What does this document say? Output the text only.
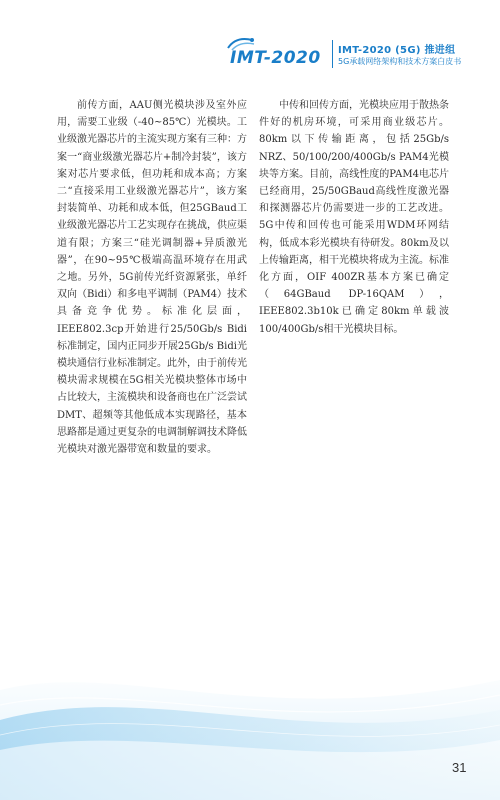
IMT-2020 IMT-2020 (5G) 推进组
5G承载网络架构和技术方案白皮书

前传方面，AAU侧光模块涉及室外应用，需要工业级（-40~85℃）光模块。工业级激光器芯片的主流实现方案有三种：方案一“商业级激光器芯片+制冷封装”，该方案对芯片要求低，但功耗和成本高；方案二“直接采用工业级激光器芯片”，该方案封装简单、功耗和成本低，但25GBaud工业级激光器芯片工艺实现存在挑战，供应渠道有限；方案三“硅光调制器+异质激光器”，在90~95℃极端高温环境存在用武之地。另外，5G前传光纤资源紧张，单纤双向（Bidi）和多电平调制（PAM4）技术具备竞争优势。标准化层面，IEEE802.3cp开始进行25/50Gb/s Bidi标准制定，国内正同步开展25Gb/s Bidi光模块通信行业标准制定。此外，由于前传光模块需求规模在5G相关光模块整体市场中占比较大，主流模块和设备商也在广泛尝试DMT、超频等其他低成本实现路径，基本思路都是通过更复杂的电调制解调技术降低光模块对激光器带宽和数量的要求。

中传和回传方面，光模块应用于散热条件好的机房环境，可采用商业级芯片。80km以下传输距离，包括25Gb/s NRZ、50/100/200/400Gb/s PAM4光模块等方案。目前，高线性度的PAM4电芯片已经商用，25/50GBaud高线性度激光器和探测器芯片仍需要进一步的工艺改进。5G中传和回传也可能采用WDM环网结构，低成本彩光模块有待研发。80km及以上传输距离，相干光模块将成为主流。标准化方面，OIF 400ZR基本方案已确定（64GBaud DP-16QAM），IEEE802.3b10k已确定80km单载波100/400Gb/s相干光模块目标。

31
